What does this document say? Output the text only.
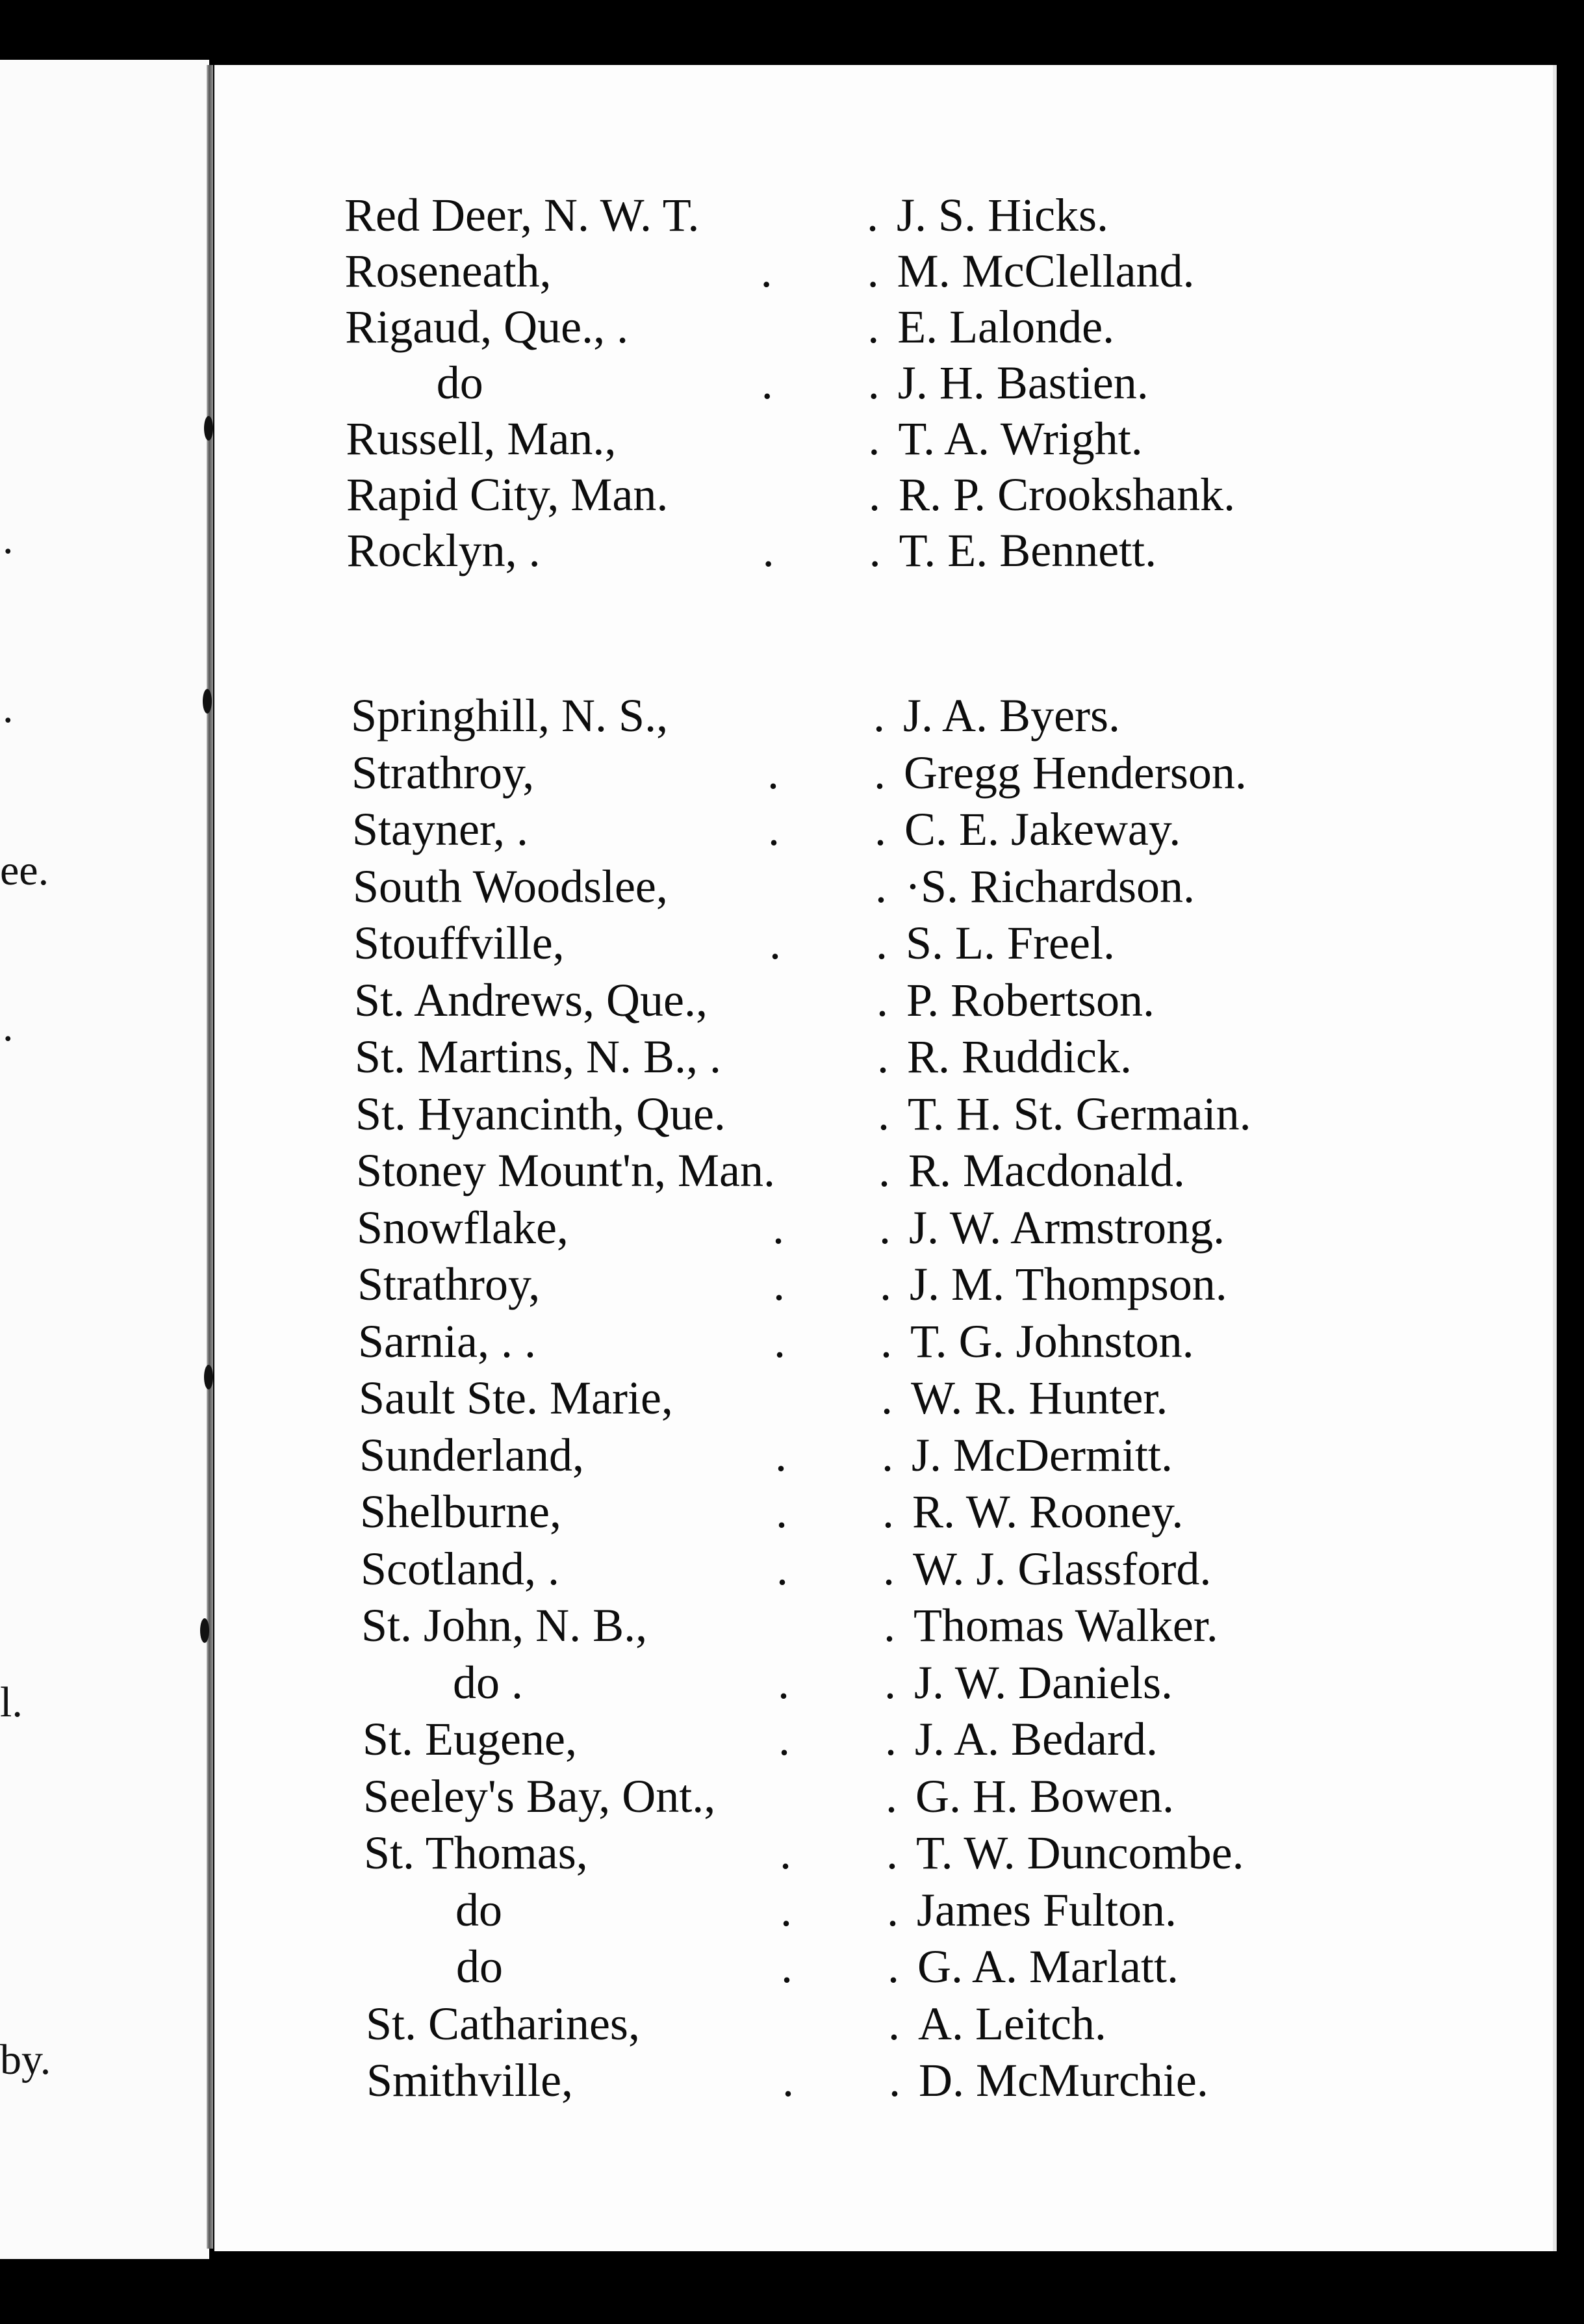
.
.
ee.
.
l.
by.
Red Deer, N. W. T.	. J. S. Hicks.
Roseneath,	. . M. McClelland.
Rigaud, Que., .	. E. Lalonde.
do	. . J. H. Bastien.
Russell, Man.,	. T. A. Wright.
Rapid City, Man.	. R. P. Crookshank.
Rocklyn, .	. . T. E. Bennett.
Springhill, N. S.,	. J. A. Byers.
Strathroy,	. . Gregg Henderson.
Stayner, .	. . C. E. Jakeway.
South Woodslee,	. ·S. Richardson.
Stouffville,	. . S. L. Freel.
St. Andrews, Que.,	. P. Robertson.
St. Martins, N. B., .	. R. Ruddick.
St. Hyancinth, Que.	. T. H. St. Germain.
Stoney Mount'n, Man. . R. Macdonald.
Snowflake,	. . J. W. Armstrong.
Strathroy,	. . J. M. Thompson.
Sarnia, . .	. . T. G. Johnston.
Sault Ste. Marie,	. W. R. Hunter.
Sunderland,	. . J. McDermitt.
Shelburne,	. . R. W. Rooney.
Scotland, .	. . W. J. Glassford.
St. John, N. B.,	. Thomas Walker.
do .	. . J. W. Daniels.
St. Eugene,	. . J. A. Bedard.
Seeley's Bay, Ont.,	. G. H. Bowen.
St. Thomas,	. . T. W. Duncombe.
do	. . James Fulton.
do	. . G. A. Marlatt.
St. Catharines,	. A. Leitch.
Smithville,	. . D. McMurchie.
